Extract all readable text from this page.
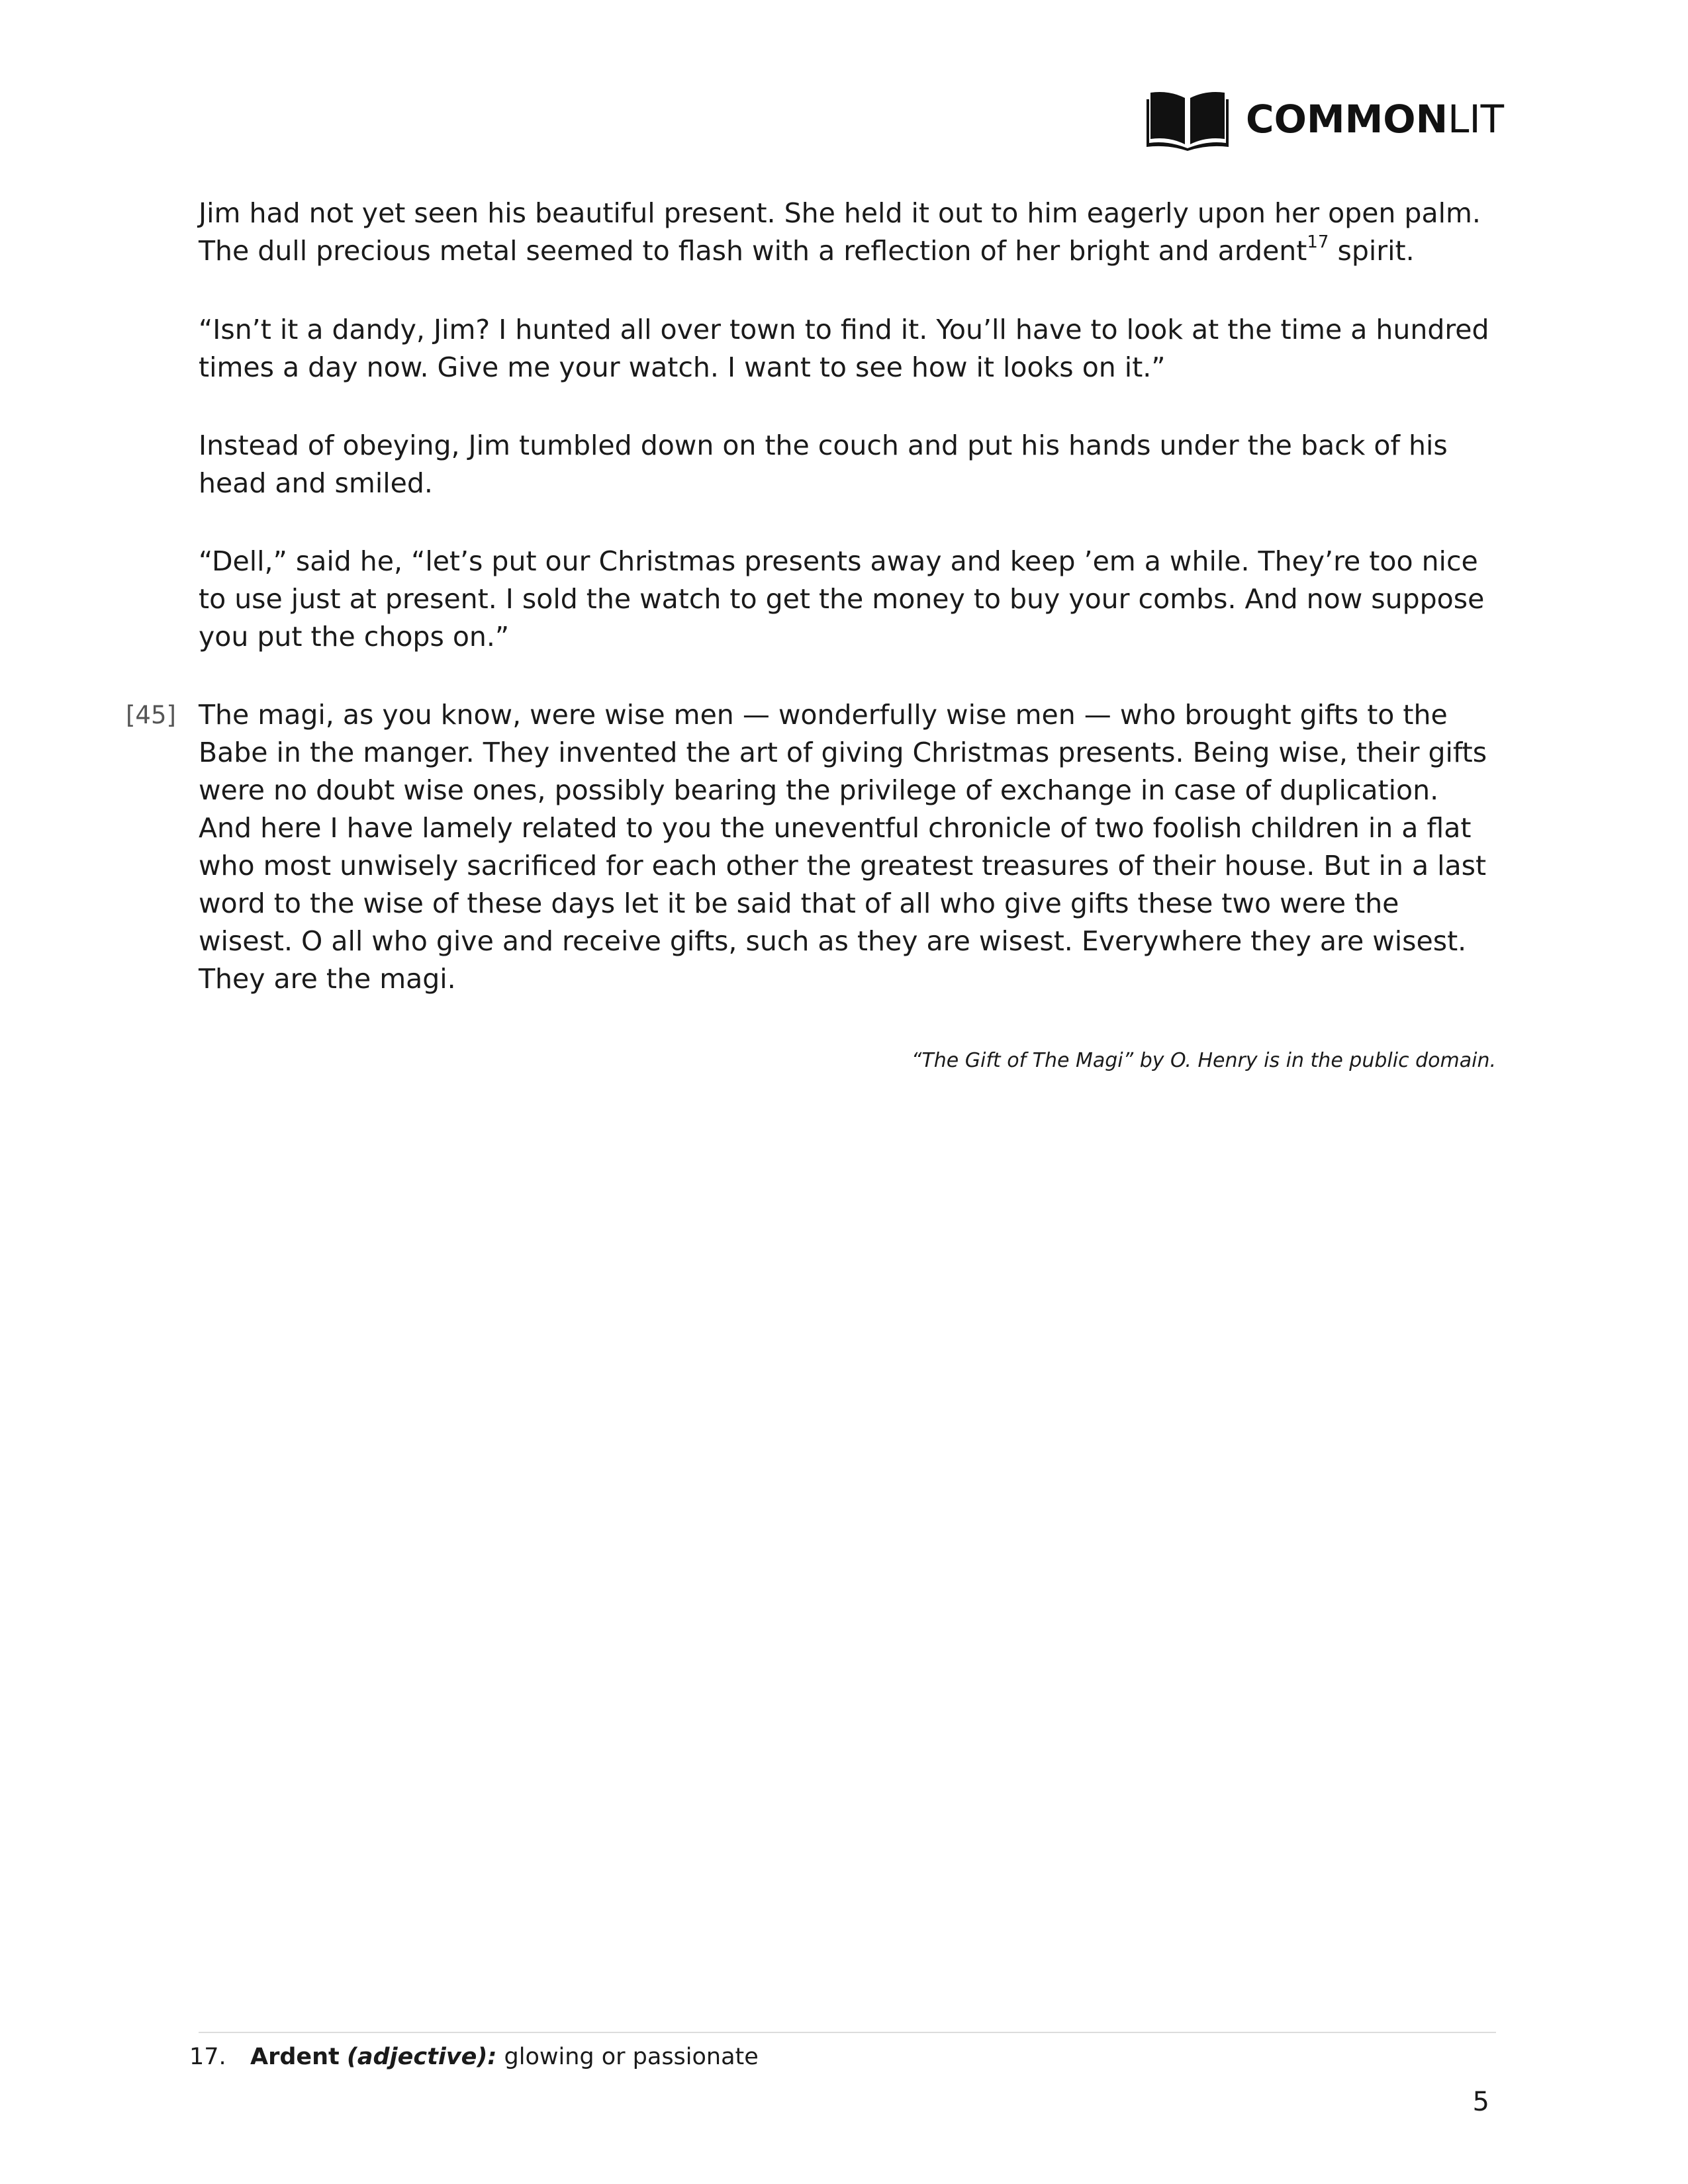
COMMONLIT

Jim had not yet seen his beautiful present. She held it out to him eagerly upon her open palm. The dull precious metal seemed to flash with a reflection of her bright and ardent$^{17}$ spirit.

“Isn’t it a dandy, Jim? I hunted all over town to find it. You’ll have to look at the time a hundred times a day now. Give me your watch. I want to see how it looks on it.”

Instead of obeying, Jim tumbled down on the couch and put his hands under the back of his head and smiled.

“Dell,” said he, “let’s put our Christmas presents away and keep ’em a while. They’re too nice to use just at present. I sold the watch to get the money to buy your combs. And now suppose you put the chops on.”

[45] The magi, as you know, were wise men — wonderfully wise men — who brought gifts to the Babe in the manger. They invented the art of giving Christmas presents. Being wise, their gifts were no doubt wise ones, possibly bearing the privilege of exchange in case of duplication. And here I have lamely related to you the uneventful chronicle of two foolish children in a flat who most unwisely sacrificed for each other the greatest treasures of their house. But in a last word to the wise of these days let it be said that of all who give gifts these two were the wisest. O all who give and receive gifts, such as they are wisest. Everywhere they are wisest. They are the magi.

“The Gift of The Magi” by O. Henry is in the public domain.
17. Ardent (adjective): glowing or passionate
5
